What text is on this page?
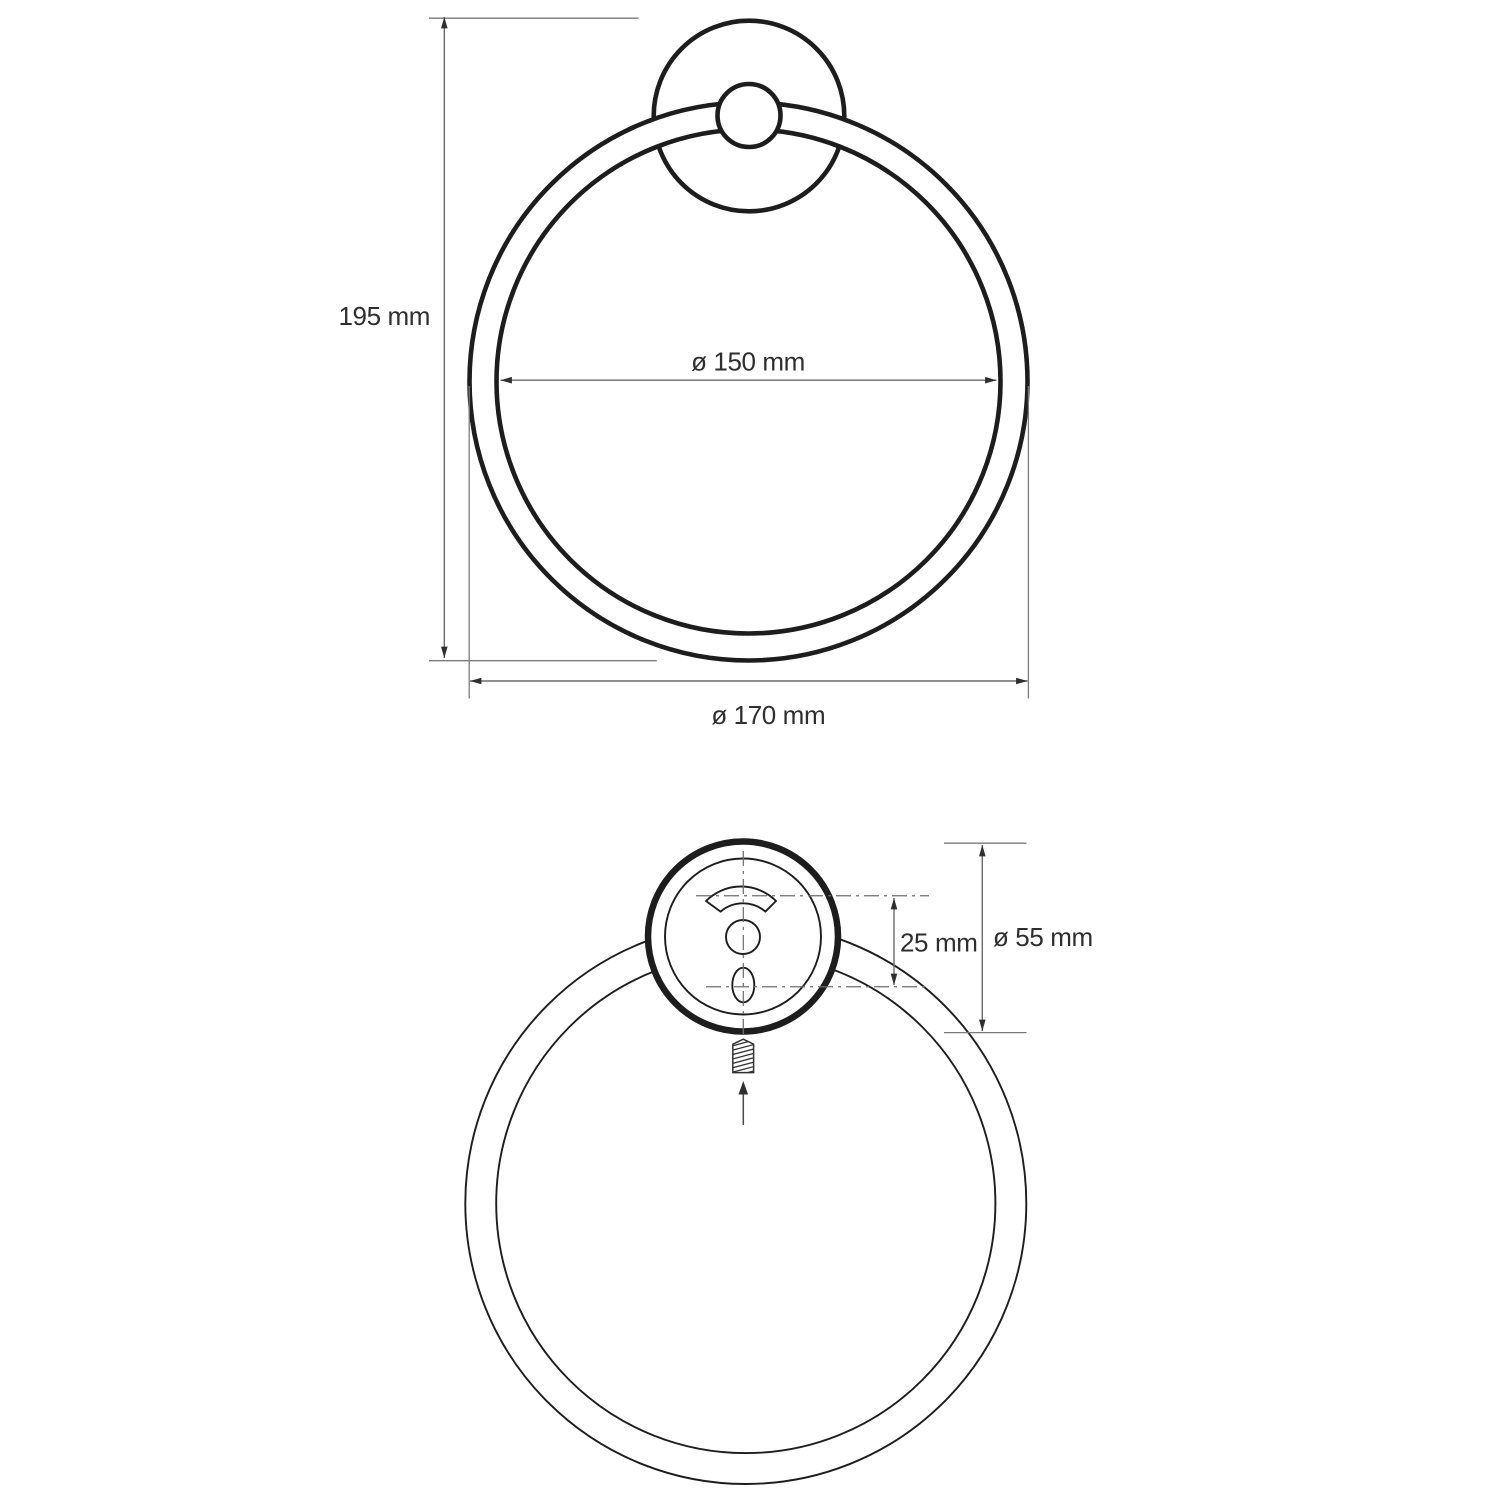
195 mm
ø 150 mm
ø 170 mm
25 mm ø 55 mm
